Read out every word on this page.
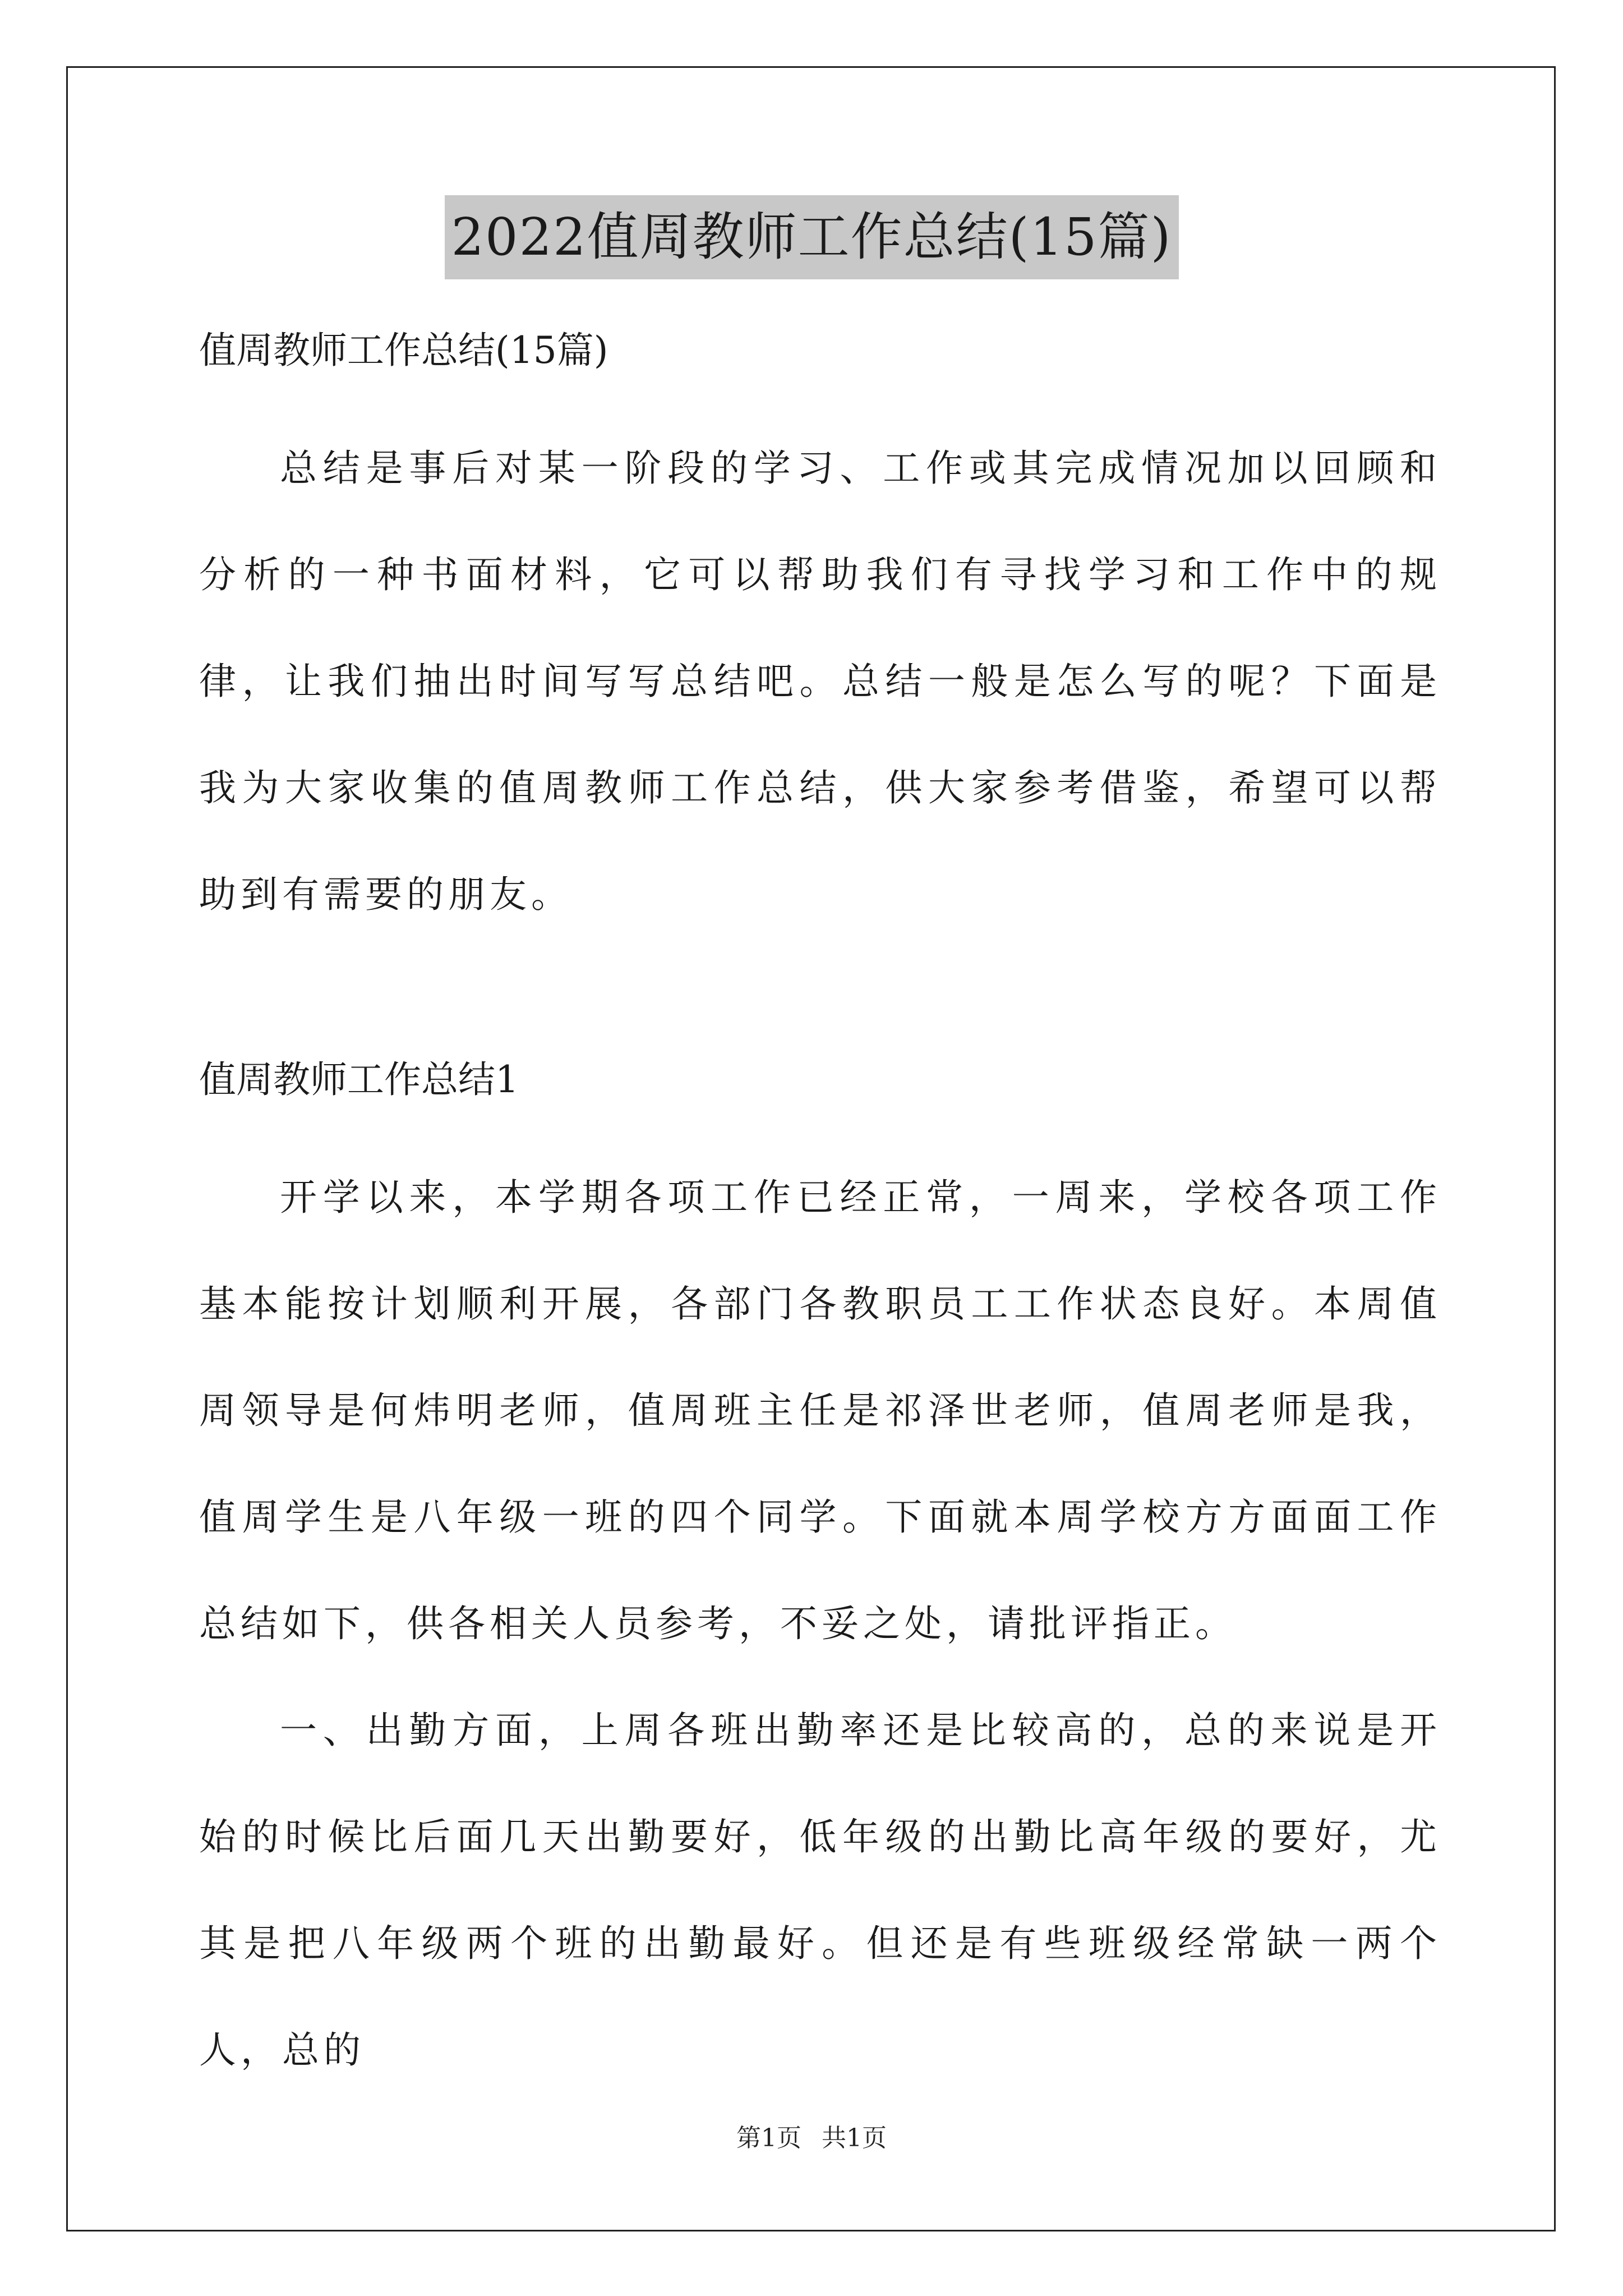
2022值周教师工作总结(15篇)

值周教师工作总结(15篇)

总结是事后对某一阶段的学习、工作或其完成情况加以回顾和分析的一种书面材料，它可以帮助我们有寻找学习和工作中的规律，让我们抽出时间写写总结吧。总结一般是怎么写的呢？下面是我为大家收集的值周教师工作总结，供大家参考借鉴，希望可以帮助到有需要的朋友。

值周教师工作总结1

开学以来，本学期各项工作已经正常，一周来，学校各项工作基本能按计划顺利开展，各部门各教职员工工作状态良好。本周值周领导是何炜明老师，值周班主任是祁泽世老师，值周老师是我，值周学生是八年级一班的四个同学。下面就本周学校方方面面工作总结如下，供各相关人员参考，不妥之处，请批评指正。

一、出勤方面，上周各班出勤率还是比较高的，总的来说是开始的时候比后面几天出勤要好，低年级的出勤比高年级的要好，尤其是把八年级两个班的出勤最好。但还是有些班级经常缺一两个人，总的

第1页 共1页
